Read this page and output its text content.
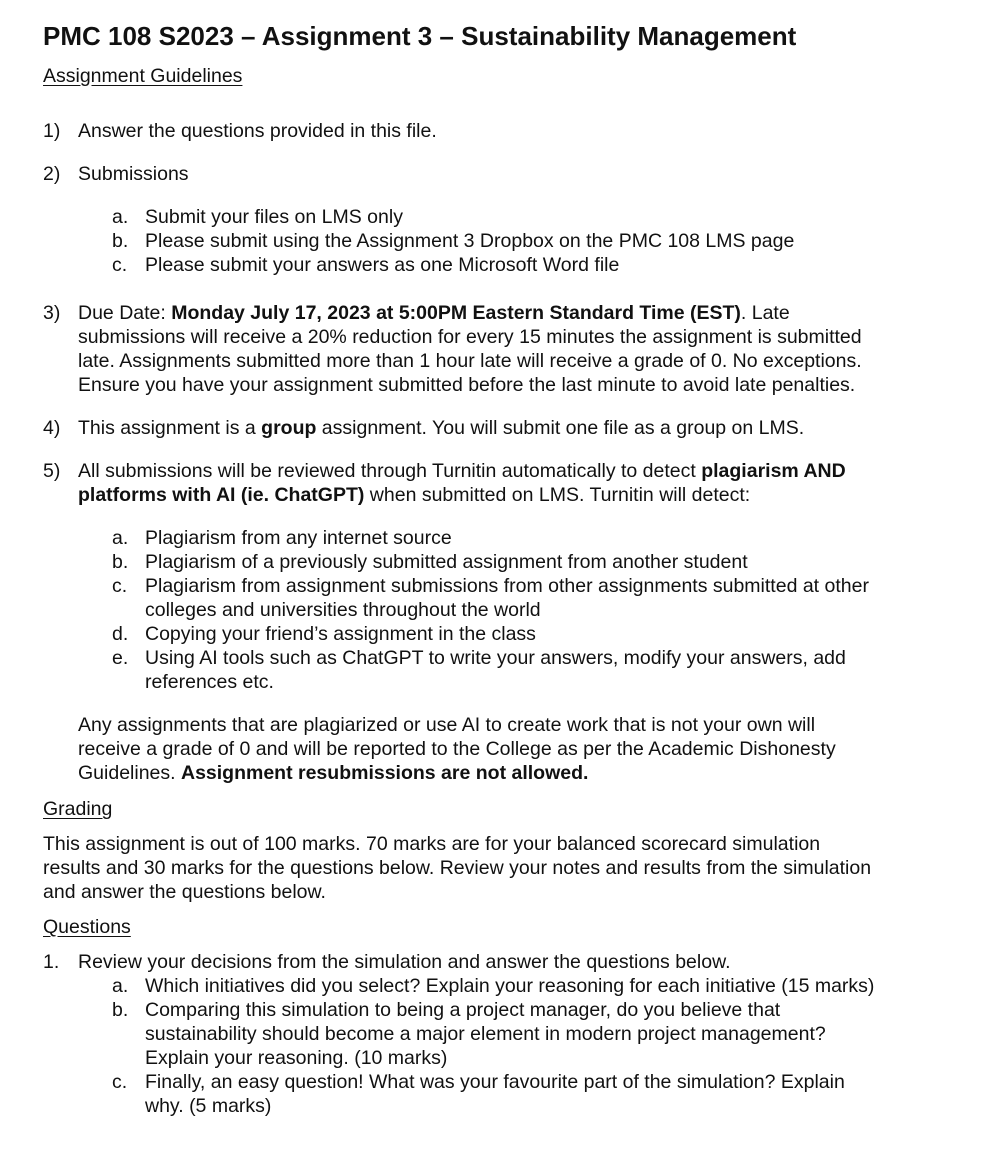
PMC 108 S2023 – Assignment 3 – Sustainability Management
Assignment Guidelines
1) Answer the questions provided in this file.
2) Submissions
a. Submit your files on LMS only
b. Please submit using the Assignment 3 Dropbox on the PMC 108 LMS page
c. Please submit your answers as one Microsoft Word file
3) Due Date: Monday July 17, 2023 at 5:00PM Eastern Standard Time (EST). Late
submissions will receive a 20% reduction for every 15 minutes the assignment is submitted
late. Assignments submitted more than 1 hour late will receive a grade of 0. No exceptions.
Ensure you have your assignment submitted before the last minute to avoid late penalties.
4) This assignment is a group assignment. You will submit one file as a group on LMS.
5) All submissions will be reviewed through Turnitin automatically to detect plagiarism AND
platforms with AI (ie. ChatGPT) when submitted on LMS. Turnitin will detect:
a. Plagiarism from any internet source
b. Plagiarism of a previously submitted assignment from another student
c. Plagiarism from assignment submissions from other assignments submitted at other
colleges and universities throughout the world
d. Copying your friend’s assignment in the class
e. Using AI tools such as ChatGPT to write your answers, modify your answers, add
references etc.
Any assignments that are plagiarized or use AI to create work that is not your own will
receive a grade of 0 and will be reported to the College as per the Academic Dishonesty
Guidelines. Assignment resubmissions are not allowed.
Grading
This assignment is out of 100 marks. 70 marks are for your balanced scorecard simulation
results and 30 marks for the questions below. Review your notes and results from the simulation
and answer the questions below.
Questions
1. Review your decisions from the simulation and answer the questions below.
a. Which initiatives did you select? Explain your reasoning for each initiative (15 marks)
b. Comparing this simulation to being a project manager, do you believe that
sustainability should become a major element in modern project management?
Explain your reasoning. (10 marks)
c. Finally, an easy question! What was your favourite part of the simulation? Explain
why. (5 marks)
